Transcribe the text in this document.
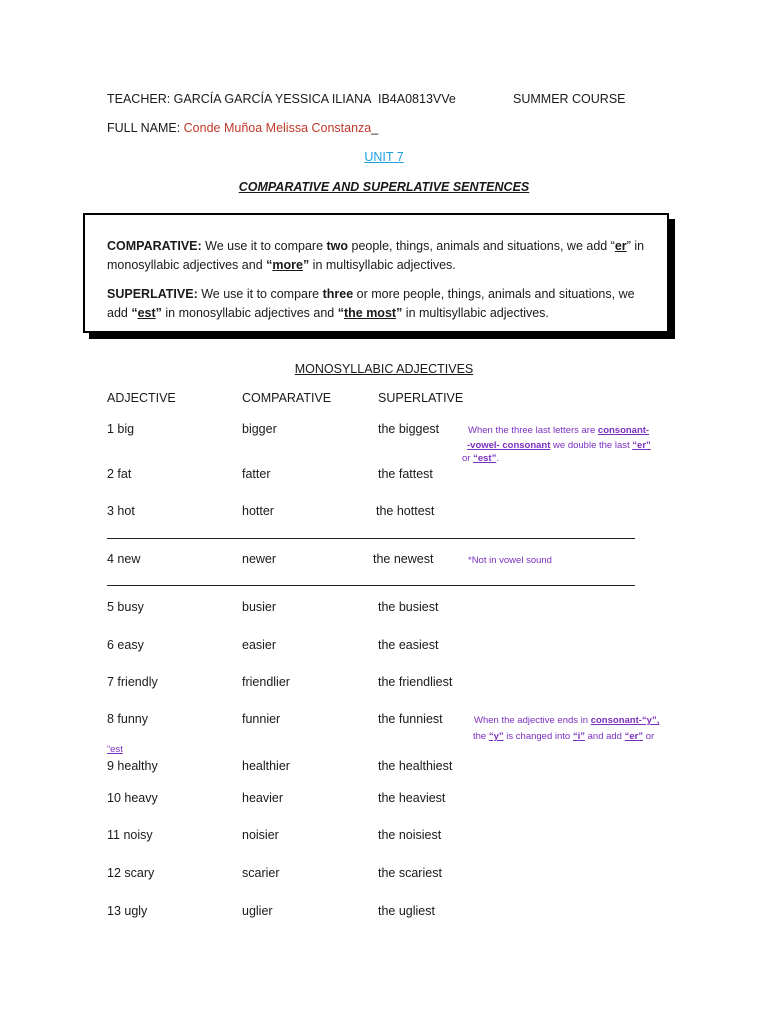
TEACHER: GARCÍA GARCÍA YESSICA ILIANA IB4A0813VVe	SUMMER COURSE
FULL NAME: Conde Muñoa Melissa Constanza_
UNIT 7
COMPARATIVE AND SUPERLATIVE SENTENCES

COMPARATIVE: We use it to compare two people, things, animals and situations, we add “er” in monosyllabic adjectives and “more” in multisyllabic adjectives.

SUPERLATIVE: We use it to compare three or more people, things, animals and situations, we add “est” in monosyllabic adjectives and “the most” in multisyllabic adjectives.

MONOSYLLABIC ADJECTIVES
ADJECTIVE	COMPARATIVE	SUPERLATIVE
1 big	bigger	the biggest
2 fat	fatter	the fattest
3 hot	hotter	the hottest
4 new	newer	the newest
5 busy	busier	the busiest
6 easy	easier	the easiest
7 friendly	friendlier	the friendliest
8 funny	funnier	the funniest
9 healthy	healthier	the healthiest
10 heavy	heavier	the heaviest
11 noisy	noisier	the noisiest
12 scary	scarier	the scariest
13 ugly	uglier	the ugliest
When the three last letters are consonant-
-vowel- consonant we double the last “er”
or “est”.
*Not in vowel sound
When the adjective ends in consonant-“y”,
the “y” is changed into “i” and add “er” or
“est
